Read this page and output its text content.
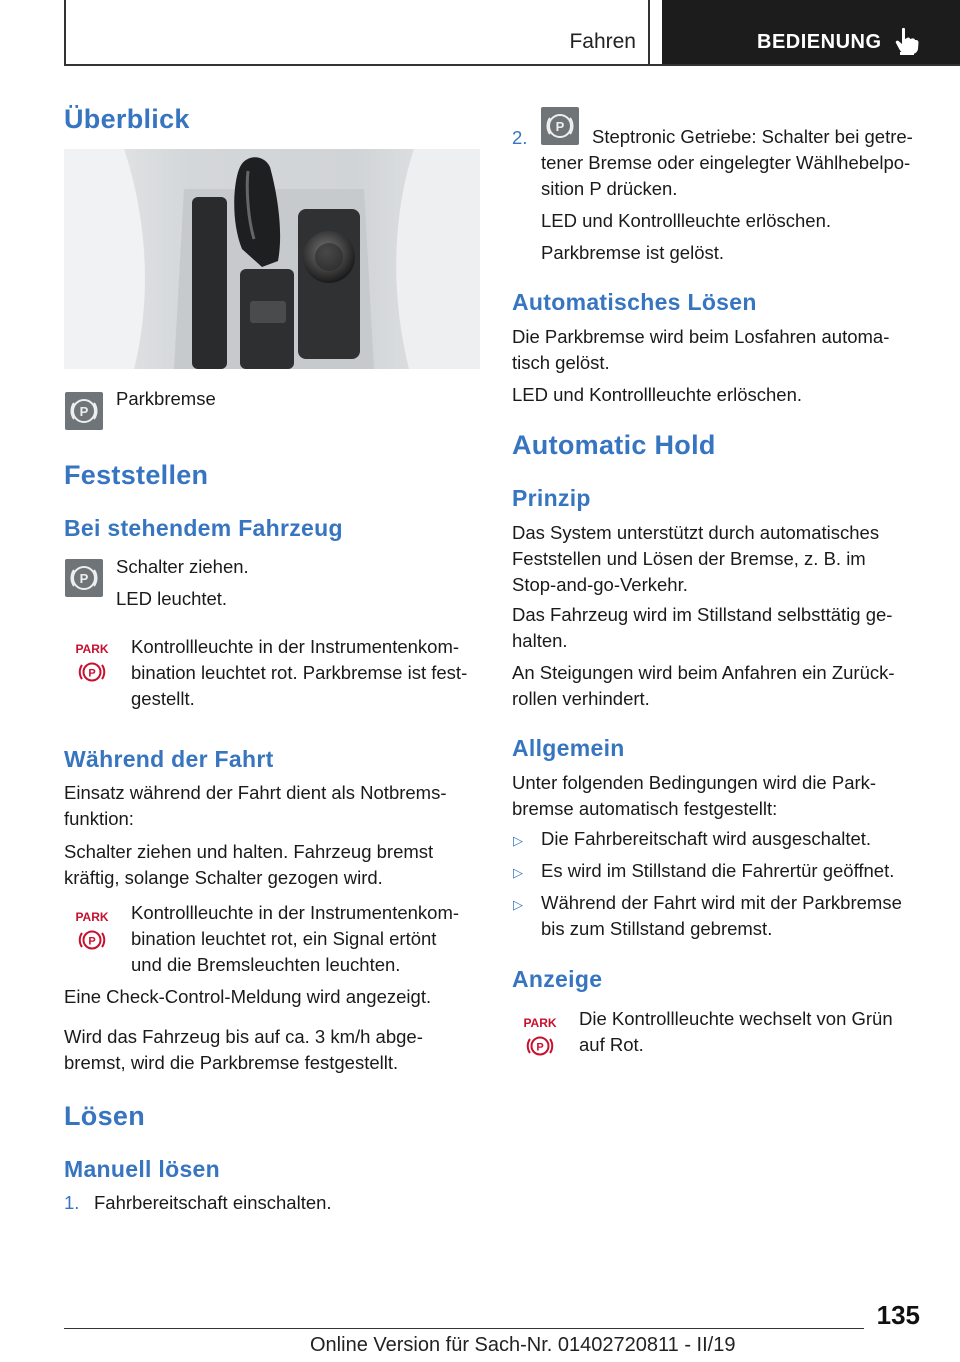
Fahren	BEDIENUNG
Überblick
P
Parkbremse
Feststellen
Bei stehendem Fahrzeug
P
Schalter ziehen.
LED leuchtet.
PARK
P
Kontrollleuchte in der Instrumentenkom-
bination leuchtet rot. Parkbremse ist fest-
gestellt.
Während der Fahrt
Einsatz während der Fahrt dient als Notbrems-
funktion:
Schalter ziehen und halten. Fahrzeug bremst
kräftig, solange Schalter gezogen wird.
PARK
P
Kontrollleuchte in der Instrumentenkom-
bination leuchtet rot, ein Signal ertönt
und die Bremsleuchten leuchten.
Eine Check-Control-Meldung wird angezeigt.
Wird das Fahrzeug bis auf ca. 3 km/h abge-
bremst, wird die Parkbremse festgestellt.
Lösen
Manuell lösen
1. Fahrbereitschaft einschalten.
2.
P Steptronic Getriebe: Schalter bei getre-
tener Bremse oder eingelegter Wählhebelpo-
sition P drücken.
LED und Kontrollleuchte erlöschen.
Parkbremse ist gelöst.
Automatisches Lösen
Die Parkbremse wird beim Losfahren automa-
tisch gelöst.
LED und Kontrollleuchte erlöschen.
Automatic Hold
Prinzip
Das System unterstützt durch automatisches
Feststellen und Lösen der Bremse, z. B. im
Stop-and-go-Verkehr.
Das Fahrzeug wird im Stillstand selbsttätig ge-
halten.
An Steigungen wird beim Anfahren ein Zurück-
rollen verhindert.
Allgemein
Unter folgenden Bedingungen wird die Park-
bremse automatisch festgestellt:
▷ Die Fahrbereitschaft wird ausgeschaltet.
▷ Es wird im Stillstand die Fahrertür geöffnet.
▷ Während der Fahrt wird mit der Parkbremse
bis zum Stillstand gebremst.
Anzeige
PARK
P
Die Kontrollleuchte wechselt von Grün
auf Rot.
135
Online Version für Sach-Nr. 01402720811 - II/19
